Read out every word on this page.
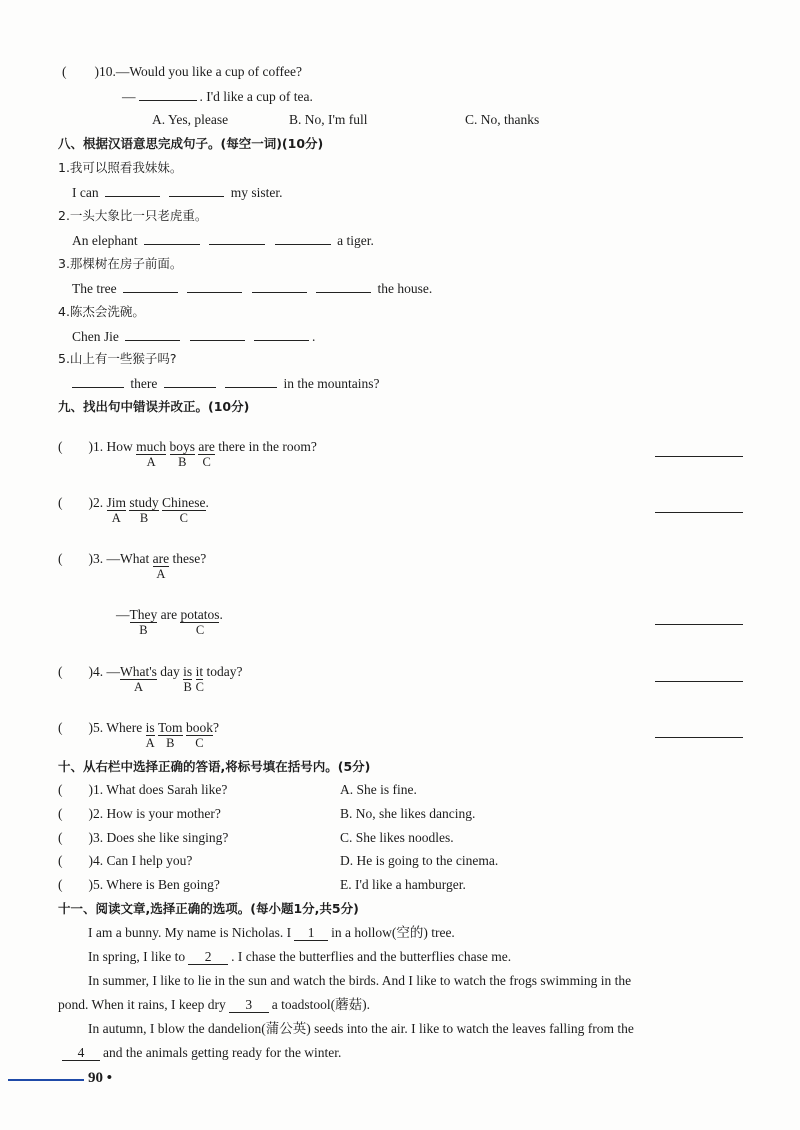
( )10.—Would you like a cup of coffee?
—	. I'd like a cup of tea.
A. Yes, please	B. No, I'm full	C. No, thanks
八、根据汉语意思完成句子。(每空一词)(10分)
1.我可以照看我妹妹。
I can	my sister.
2.一头大象比一只老虎重。
An elephant	a tiger.
3.那棵树在房子前面。
The tree	the house.
4.陈杰会洗碗。
Chen Jie	.
5.山上有一些猴子吗?
there	in the mountains?
九、找出句中错误并改正。(10分)
( )1. How much
A
boys
B
are
C
there in the room?
( )2. Jim
A
study
B
Chinese
C
.
( )3. —What are
A
these?
—They
B
are potatos
C
.
( )4. —What's
A
day is
B
it
C
today?
( )5. Where is
A
Tom
B
book
C
?
十、从右栏中选择正确的答语,将标号填在括号内。(5分)
( )1. What does Sarah like?	A. She is fine.
( )2. How is your mother?	B. No, she likes dancing.
( )3. Does she like singing?	C. She likes noodles.
( )4. Can I help you?	D. He is going to the cinema.
( )5. Where is Ben going?	E. I'd like a hamburger.
十一、阅读文章,选择正确的选项。(每小题1分,共5分)
I am a bunny. My name is Nicholas. I 1 in a hollow(空的) tree.
In spring, I like to 2 . I chase the butterflies and the butterflies chase me.
In summer, I like to lie in the sun and watch the birds. And I like to watch the frogs swimming in the
pond. When it rains, I keep dry 3 a toadstool(蘑菇).
In autumn, I blow the dandelion(蒲公英) seeds into the air. I like to watch the leaves falling from the
4 and the animals getting ready for the winter.
90 •
